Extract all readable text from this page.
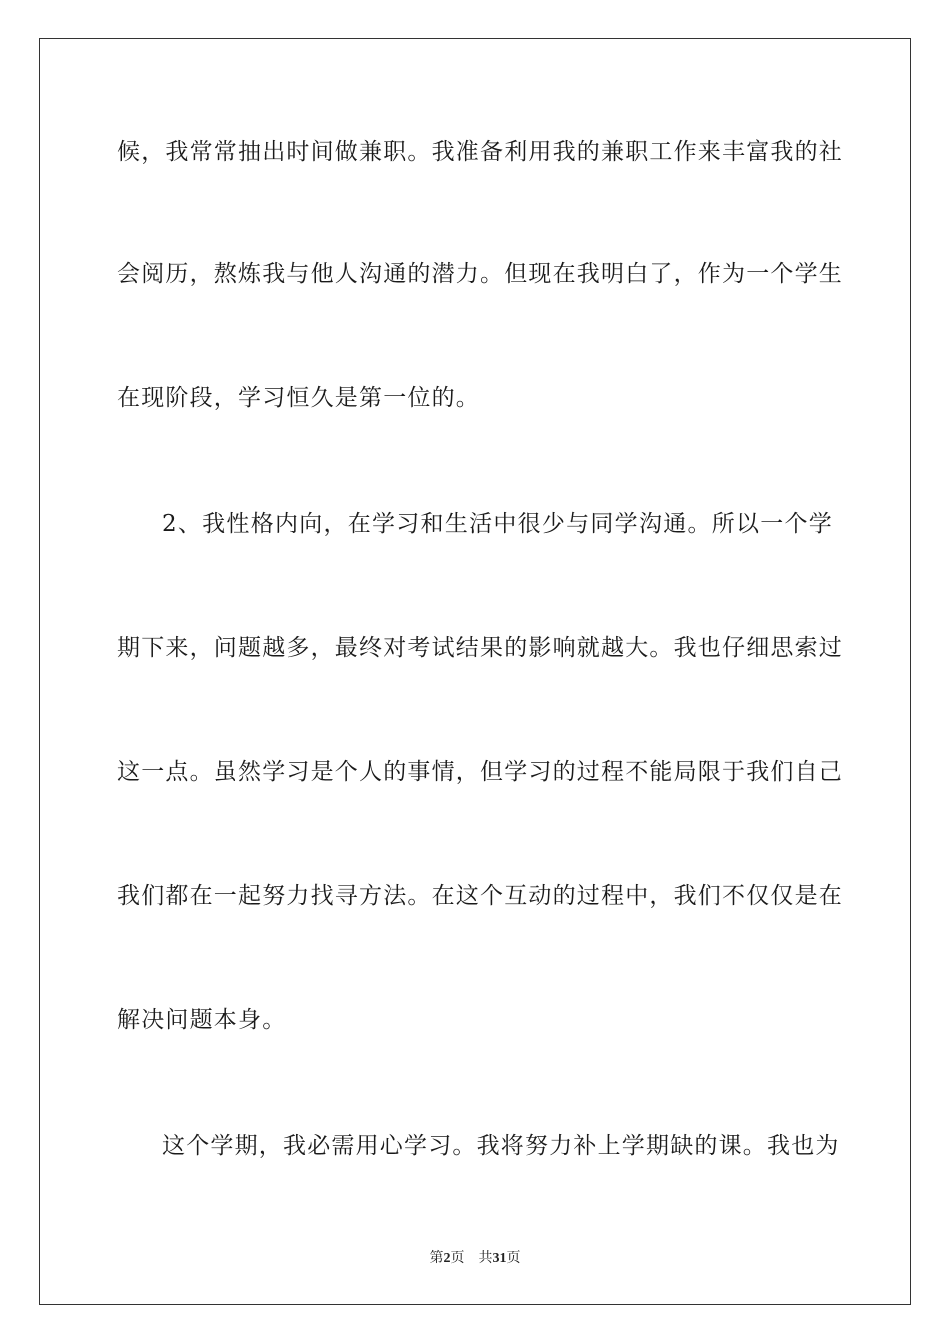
候，我常常抽出时间做兼职。我准备利用我的兼职工作来丰富我的社
会阅历，熬炼我与他人沟通的潜力。但现在我明白了，作为一个学生
在现阶段，学习恒久是第一位的。
2、我性格内向，在学习和生活中很少与同学沟通。所以一个学
期下来，问题越多，最终对考试结果的影响就越大。我也仔细思索过
这一点。虽然学习是个人的事情，但学习的过程不能局限于我们自己
我们都在一起努力找寻方法。在这个互动的过程中，我们不仅仅是在
解决问题本身。
这个学期，我必需用心学习。我将努力补上学期缺的课。我也为
第2页 共31页
